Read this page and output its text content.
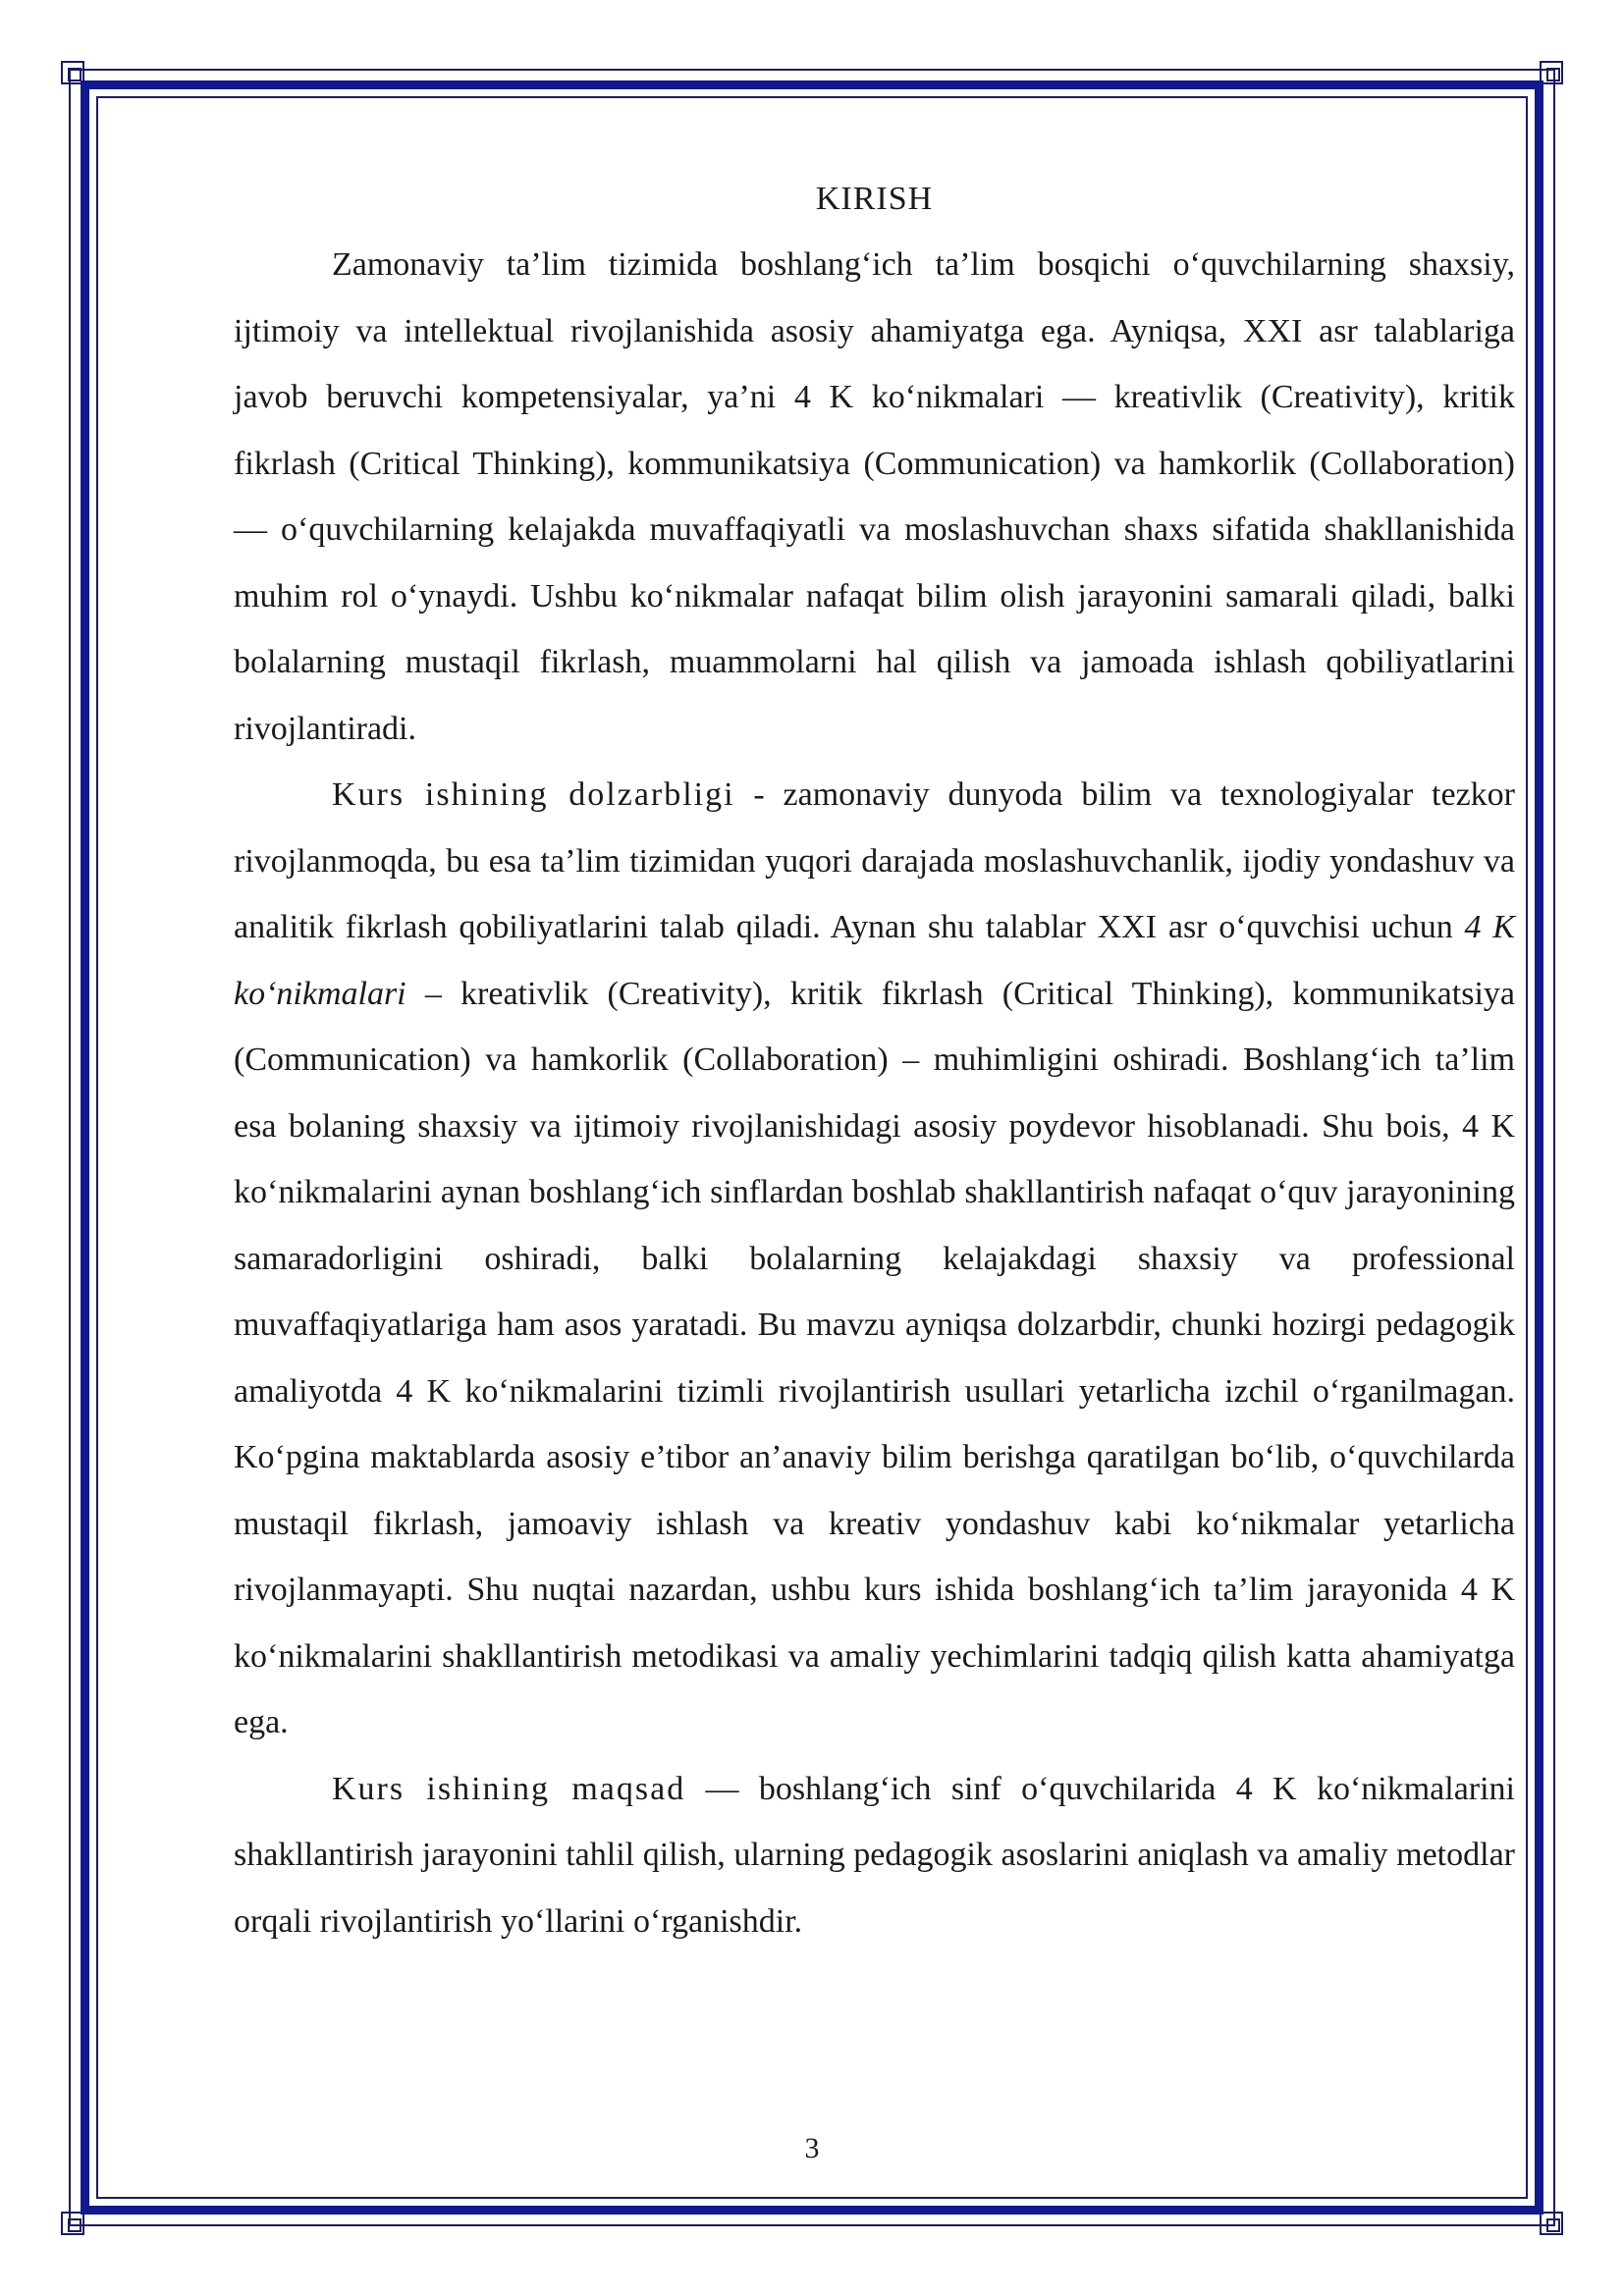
KIRISH

Zamonaviy ta’lim tizimida boshlang‘ich ta’lim bosqichi o‘quvchilarning shaxsiy, ijtimoiy va intellektual rivojlanishida asosiy ahamiyatga ega. Ayniqsa, XXI asr talablariga javob beruvchi kompetensiyalar, ya’ni 4 K ko‘nikmalari — kreativlik (Creativity), kritik fikrlash (Critical Thinking), kommunikatsiya (Communication) va hamkorlik (Collaboration) — o‘quvchilarning kelajakda muvaffaqiyatli va moslashuvchan shaxs sifatida shakllanishida muhim rol o‘ynaydi. Ushbu ko‘nikmalar nafaqat bilim olish jarayonini samarali qiladi, balki bolalarning mustaqil fikrlash, muammolarni hal qilish va jamoada ishlash qobiliyatlarini rivojlantiradi.

Kurs ishining dolzarbligi - zamonaviy dunyoda bilim va texnologiyalar tezkor rivojlanmoqda, bu esa ta’lim tizimidan yuqori darajada moslashuvchanlik, ijodiy yondashuv va analitik fikrlash qobiliyatlarini talab qiladi. Aynan shu talablar XXI asr o‘quvchisi uchun 4 K ko‘nikmalari – kreativlik (Creativity), kritik fikrlash (Critical Thinking), kommunikatsiya (Communication) va hamkorlik (Collaboration) – muhimligini oshiradi. Boshlang‘ich ta’lim esa bolaning shaxsiy va ijtimoiy rivojlanishidagi asosiy poydevor hisoblanadi. Shu bois, 4 K ko‘nikmalarini aynan boshlang‘ich sinflardan boshlab shakllantirish nafaqat o‘quv jarayonining samaradorligini oshiradi, balki bolalarning kelajakdagi shaxsiy va professional muvaffaqiyatlariga ham asos yaratadi. Bu mavzu ayniqsa dolzarbdir, chunki hozirgi pedagogik amaliyotda 4 K ko‘nikmalarini tizimli rivojlantirish usullari yetarlicha izchil o‘rganilmagan. Ko‘pgina maktablarda asosiy e’tibor an’anaviy bilim berishga qaratilgan bo‘lib, o‘quvchilarda mustaqil fikrlash, jamoaviy ishlash va kreativ yondashuv kabi ko‘nikmalar yetarlicha rivojlanmayapti. Shu nuqtai nazardan, ushbu kurs ishida boshlang‘ich ta’lim jarayonida 4 K ko‘nikmalarini shakllantirish metodikasi va amaliy yechimlarini tadqiq qilish katta ahamiyatga ega.

Kurs ishining maqsad — boshlang‘ich sinf o‘quvchilarida 4 K ko‘nikmalarini shakllantirish jarayonini tahlil qilish, ularning pedagogik asoslarini aniqlash va amaliy metodlar orqali rivojlantirish yo‘llarini o‘rganishdir.

3
